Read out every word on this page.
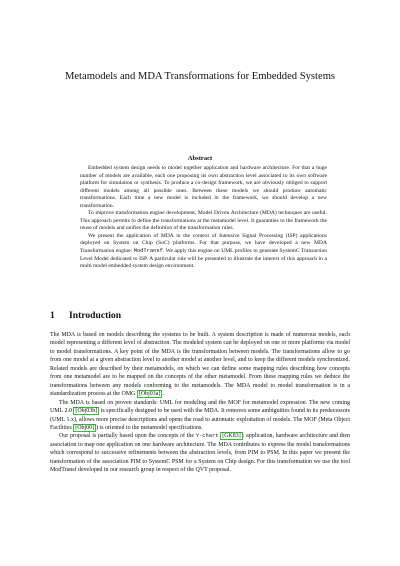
Metamodels and MDA Transformations for Embedded Systems
Abstract

Embedded system design needs to model together application and hardware architecture. For that a huge number of models are available, each one proposing its own abstraction level associated to its own software platform for simulation or synthesis. To produce a co-design framework, we are obviously obliged to support different models among all possible ones. Between these models we should produce automatic transformations. Each time a new model is included in the framework, we should develop a new transformation.

To improve transformation engine development, Model Driven Architecture (MDA) techniques are useful. This approach permits to define the transformations at the metamodel level. It guaranties to the framework the reuse of models and unifies the definition of the transformation rules.

We present the application of MDA in the context of Intensive Signal Processing (ISP) applications deployed on System on Chip (SoC) platforms. For that purpose, we have developed a new MDA Transformation engine: ModTransf. We apply this engine on UML profiles to generate SystemC Transaction Level Model dedicated to ISP. A particular rule will be presented to illustrate the interest of this approach in a multi model embedded system design environment.

1 Introduction

The MDA is based on models describing the systems to be built. A system description is made of numerous models, each model representing a different level of abstraction. The modeled system can be deployed on one or more platforms via model to model transformations. A key point of the MDA is the transformation between models. The transformations allow to go from one model at a given abstraction level to another model at another level, and to keep the different models synchronized. Related models are described by their metamodels, on which we can define some mapping rules describing how concepts from one metamodel are to be mapped on the concepts of the other metamodel. From these mapping rules we deduce the transformations between any models conforming to the metamodels. The MDA model to model transformation is in a standardization process at the OMG [Obj03a] .

The MDA is based on proven standards: UML for modeling and the MOF for metamodel expression. The new coming UML 2.0 [Obj03b] is specifically designed to be used with the MDA. It removes some ambiguities found in its predecessors (UML 1.x), allows more precise descriptions and opens the road to automatic exploitation of models. The MOF (Meta Object Facilities [Obj00] ) is oriented to the metamodel specifications.

Our proposal is partially based upon the concepts of the Y-chart [GK83] : application, hardware architecture and then association to map one application on one hardware architecture. The MDA contributes to express the model transformations which correspond to successive refinements between the abstraction levels, from PIM to PSM. In this paper we present the transformation of the association PIM to SystemC PSM for a System on Chip design. For this transformation we use the tool ModTransf developed in our research group in respect of the QVT proposal.
